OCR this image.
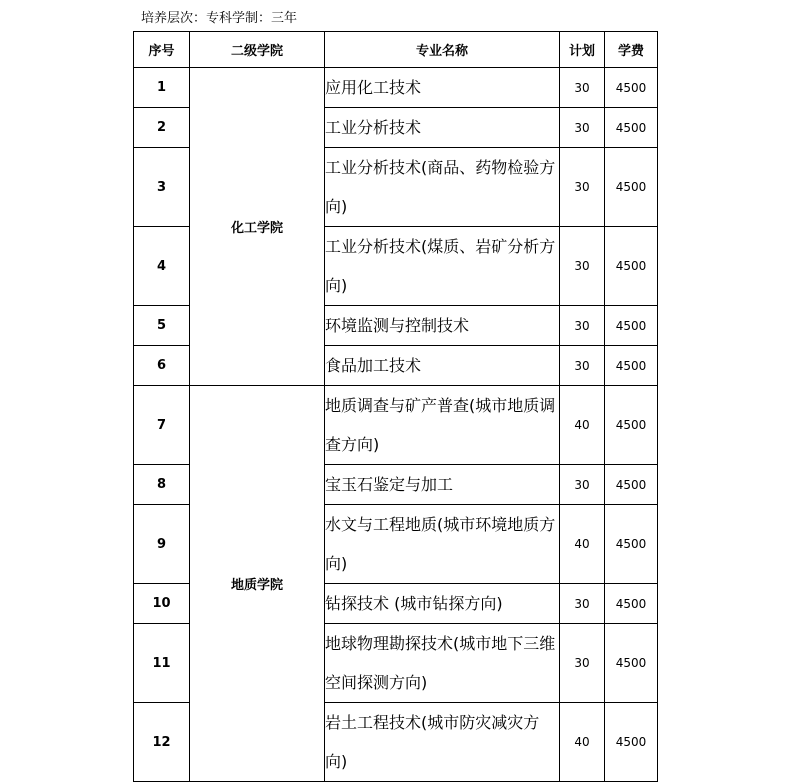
培养层次：专科学制：三年
序号	二级学院	专业名称	计划	学费
1	化工学院	应用化工技术	30	4500
2		工业分析技术	30	4500
3		工业分析技术(商品、药物检验方向)	30	4500
4		工业分析技术(煤质、岩矿分析方向)	30	4500
5		环境监测与控制技术	30	4500
6		食品加工技术	30	4500
7	地质学院	地质调查与矿产普查(城市地质调查方向)	40	4500
8		宝玉石鉴定与加工	30	4500
9		水文与工程地质(城市环境地质方向)	40	4500
10		钻探技术 (城市钻探方向)	30	4500
11		地球物理勘探技术(城市地下三维空间探测方向)	30	4500
12		岩土工程技术(城市防灾减灾方向)	40	4500
